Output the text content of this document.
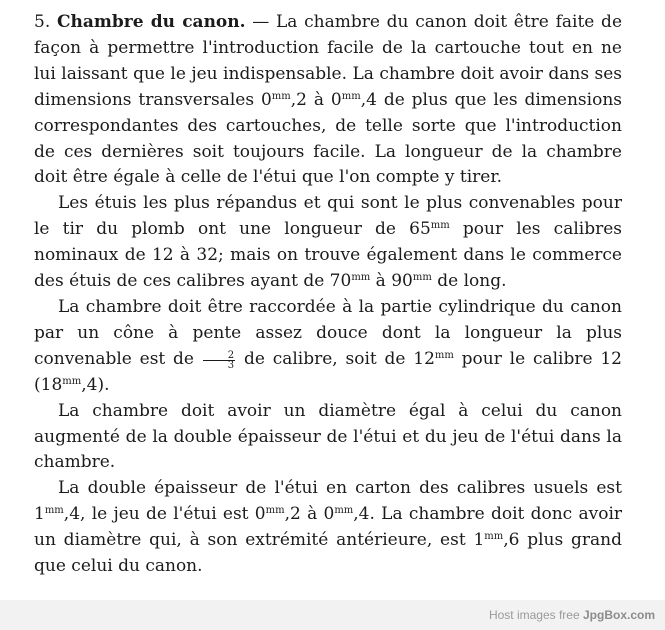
5. Chambre du canon. — La chambre du canon doit être faite de façon à permettre l'introduction facile de la cartouche tout en ne lui laissant que le jeu indispensable. La chambre doit avoir dans ses dimensions transversales $0^{mm},2$ à $0^{mm},4$ de plus que les dimensions correspondantes des cartouches, de telle sorte que l'introduction de ces dernières soit toujours facile. La longueur de la chambre doit être égale à celle de l'étui que l'on compte y tirer.

Les étuis les plus répandus et qui sont le plus convenables pour le tir du plomb ont une longueur de $65^{mm}$ pour les calibres nominaux de 12 à 32; mais on trouve également dans le commerce des étuis de ces calibres ayant de $70^{mm}$ à $90^{mm}$ de long.

La chambre doit être raccordée à la partie cylindrique du canon par un cône à pente assez douce dont la longueur la plus convenable est de $\frac{2}{3}$ de calibre, soit de $12^{mm}$ pour le calibre 12 $(18^{mm},4)$.

La chambre doit avoir un diamètre égal à celui du canon augmenté de la double épaisseur de l'étui et du jeu de l'étui dans la chambre.

La double épaisseur de l'étui en carton des calibres usuels est $1^{mm},4$, le jeu de l'étui est $0^{mm},2$ à $0^{mm},4$. La chambre doit donc avoir un diamètre qui, à son extrémité antérieure, est $1^{mm},6$ plus grand que celui du canon.

Host images free JpgBox.com
